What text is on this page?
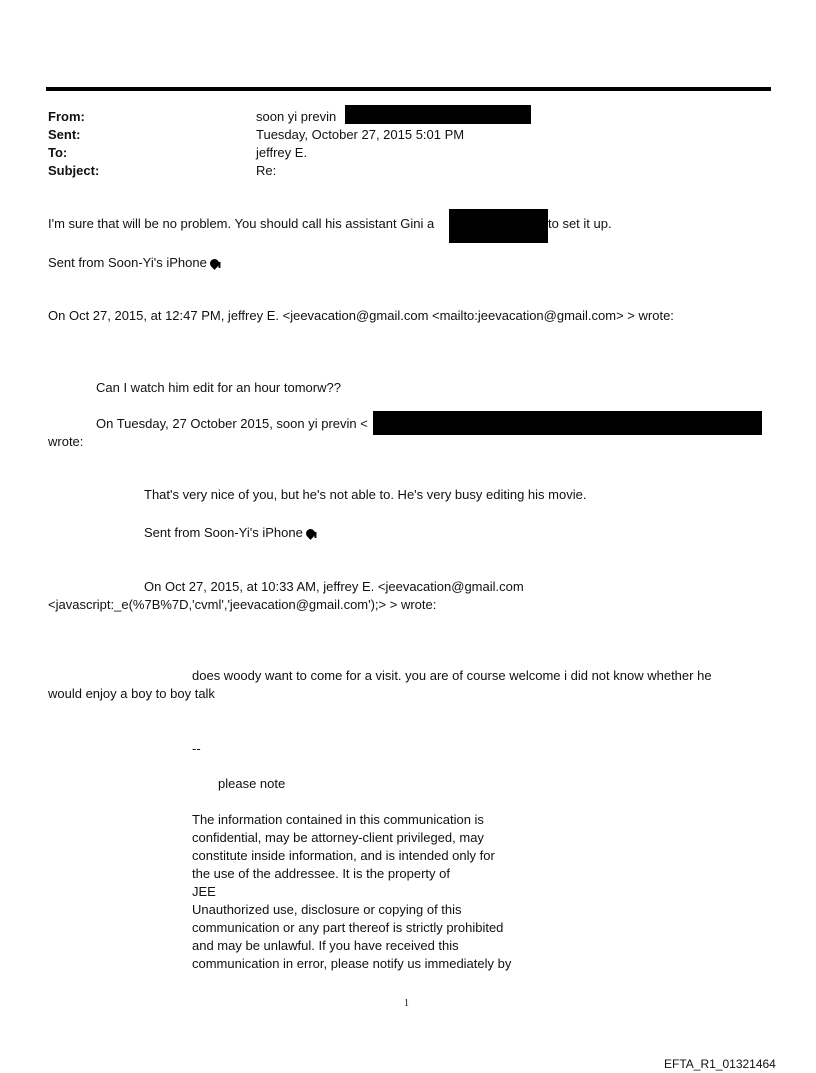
From:	soon yi previn
Sent:	Tuesday, October 27, 2015 5:01 PM
To:	jeffrey E.
Subject:	Re:
I'm sure that will be no problem. You should call his assistant Gini a	to set it up.
Sent from Soon-Yi's iPhone
On Oct 27, 2015, at 12:47 PM, jeffrey E. <jeevacation@gmail.com <mailto:jeevacation@gmail.com> > wrote:
Can I watch him edit for an hour tomorw??
On Tuesday, 27 October 2015, soon yi previn <
wrote:
That's very nice of you, but he's not able to. He's very busy editing his movie.
Sent from Soon-Yi's iPhone
On Oct 27, 2015, at 10:33 AM, jeffrey E. <jeevacation@gmail.com
<javascript:_e(%7B%7D,'cvml','jeevacation@gmail.com');> > wrote:
does woody want to come for a visit. you are of course welcome i did not know whether he
would enjoy a boy to boy talk
--
please note
The information contained in this communication is
confidential, may be attorney-client privileged, may
constitute inside information, and is intended only for
the use of the addressee. It is the property of
JEE
Unauthorized use, disclosure or copying of this
communication or any part thereof is strictly prohibited
and may be unlawful. If you have received this
communication in error, please notify us immediately by
1
EFTA_R1_01321464
